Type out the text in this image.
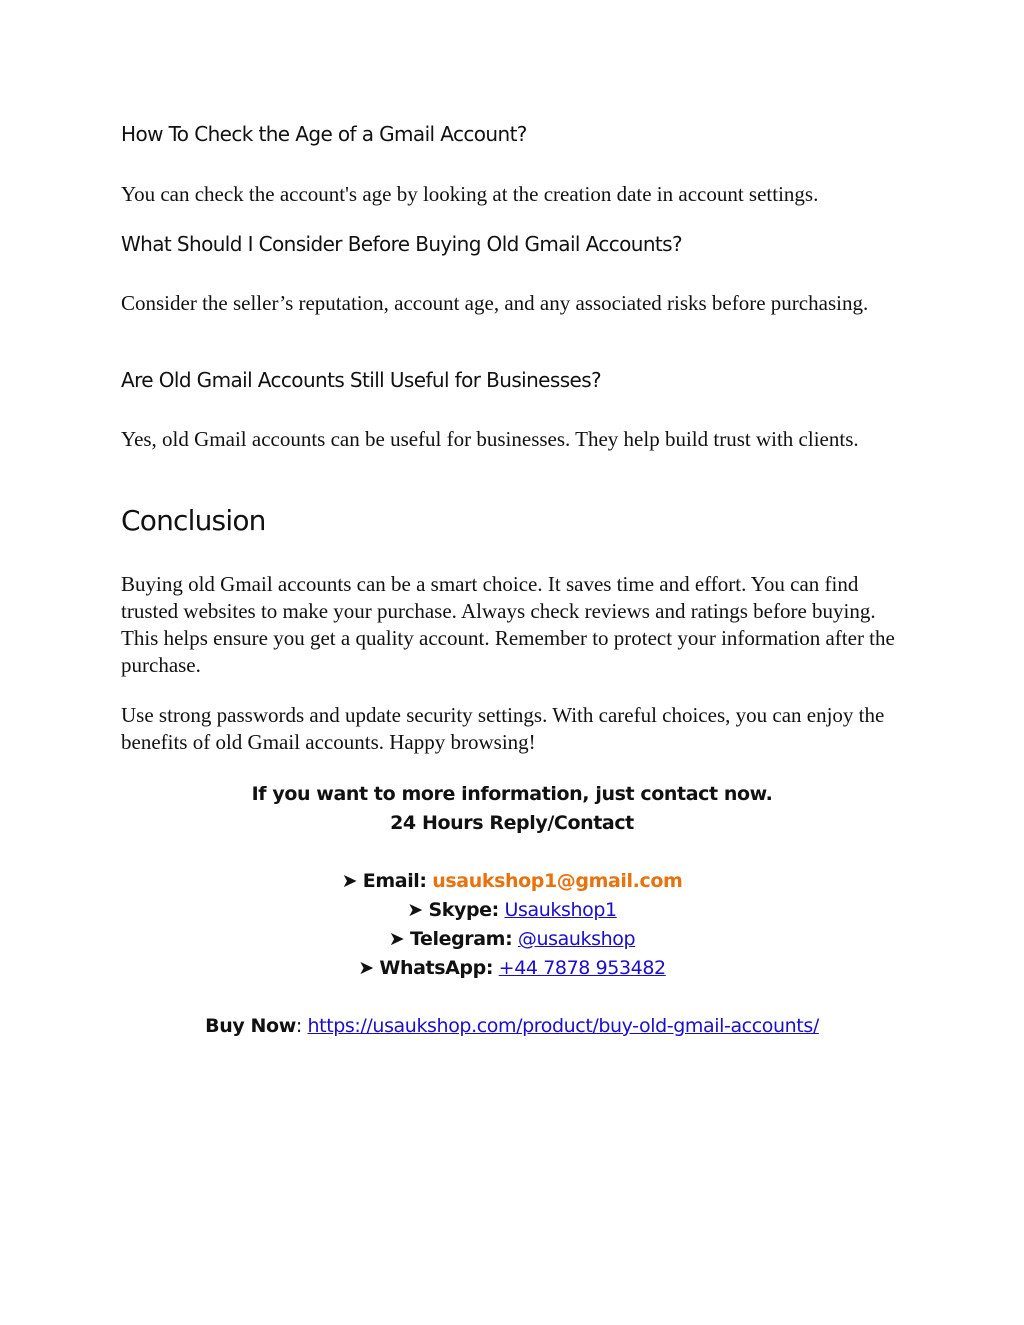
How To Check the Age of a Gmail Account?

You can check the account's age by looking at the creation date in account settings.

What Should I Consider Before Buying Old Gmail Accounts?

Consider the seller’s reputation, account age, and any associated risks before purchasing.

Are Old Gmail Accounts Still Useful for Businesses?

Yes, old Gmail accounts can be useful for businesses. They help build trust with clients.

Conclusion

Buying old Gmail accounts can be a smart choice. It saves time and effort. You can find trusted websites to make your purchase. Always check reviews and ratings before buying. This helps ensure you get a quality account. Remember to protect your information after the purchase.

Use strong passwords and update security settings. With careful choices, you can enjoy the benefits of old Gmail accounts. Happy browsing!

If you want to more information, just contact now.
24 Hours Reply/Contact

➤ Email: usaukshop1@gmail.com
➤ Skype: Usaukshop1
➤ Telegram: @usaukshop
➤ WhatsApp: +44 7878 953482

Buy Now: https://usaukshop.com/product/buy-old-gmail-accounts/
